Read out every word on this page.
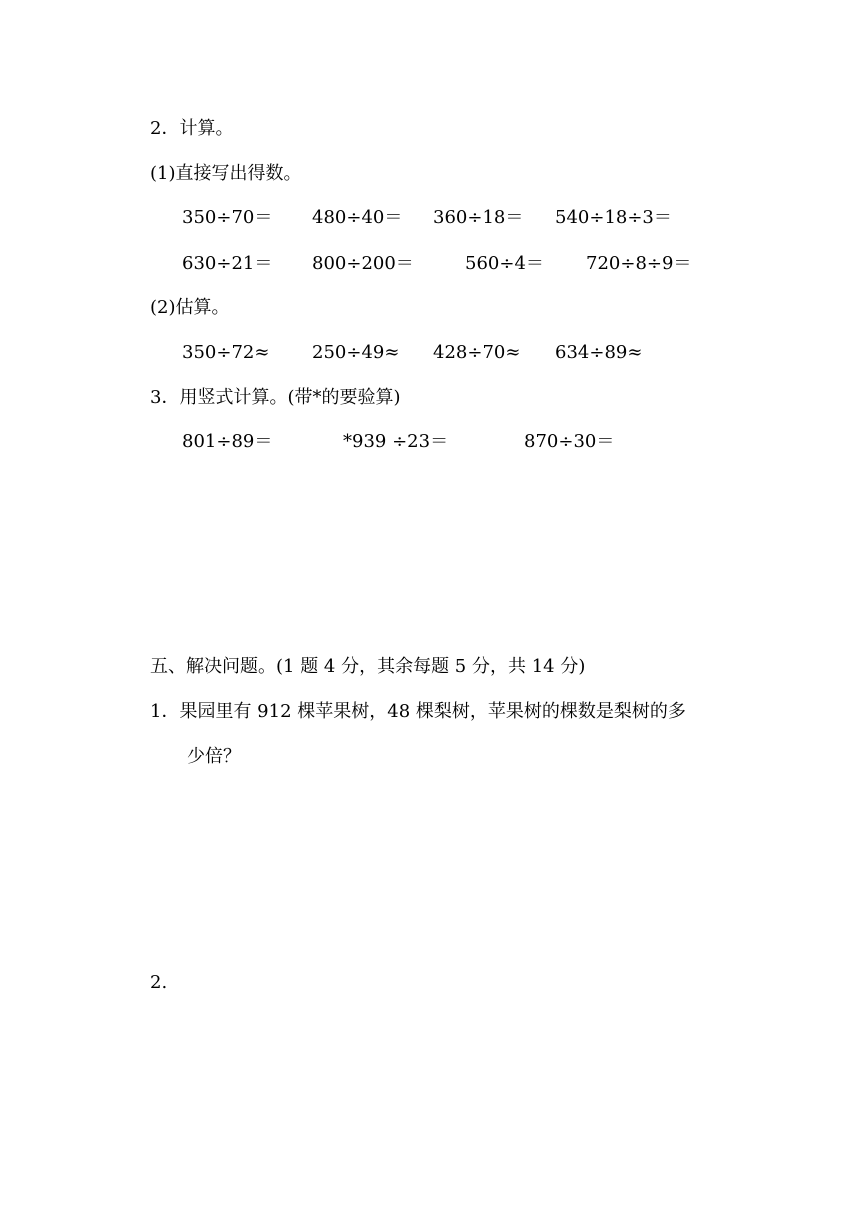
2．计算。
(1)直接写出得数。
350÷70＝ 480÷40＝ 360÷18＝ 540÷18÷3＝
630÷21＝ 800÷200＝	560÷4＝ 720÷8÷9＝
(2)估算。
350÷72≈ 250÷49≈ 428÷70≈ 634÷89≈
3．用竖式计算。(带*的要验算)
801÷89＝	*939 ÷23＝	870÷30＝
五、解决问题。(1 题 4 分，其余每题 5 分，共 14 分)
1．果园里有 912 棵苹果树，48 棵梨树，苹果树的棵数是梨树的多
少倍？
2.
